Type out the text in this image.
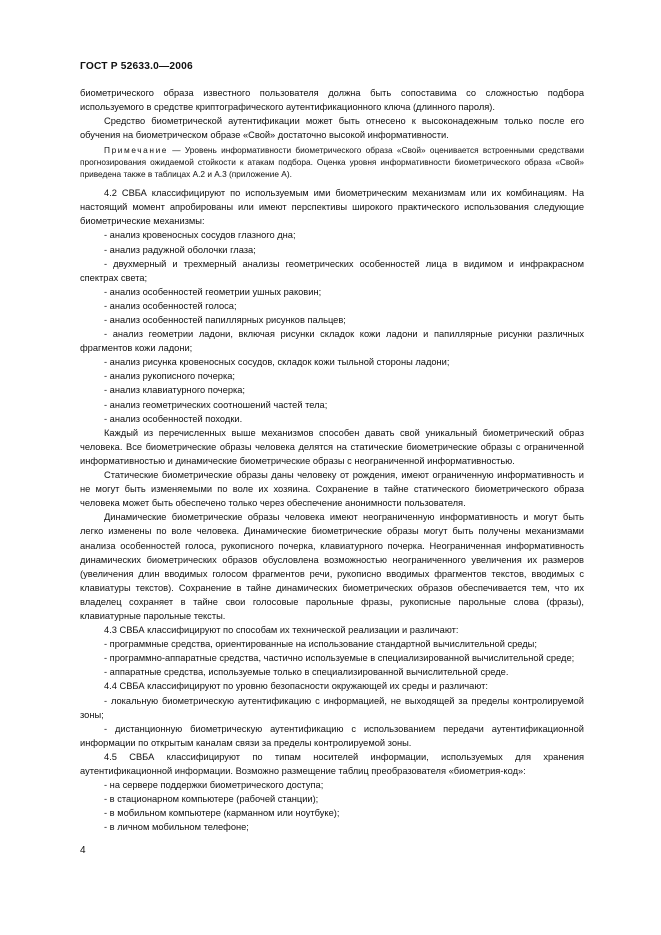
ГОСТ Р 52633.0—2006

биометрического образа известного пользователя должна быть сопоставима со сложностью подбора используемого в средстве криптографического аутентификационного ключа (длинного пароля).

Средство биометрической аутентификации может быть отнесено к высоконадежным только после его обучения на биометрическом образе «Свой» достаточно высокой информативности.

Примечание — Уровень информативности биометрического образа «Свой» оценивается встроенными средствами прогнозирования ожидаемой стойкости к атакам подбора. Оценка уровня информативности биометрического образа «Свой» приведена также в таблицах А.2 и А.3 (приложение А).

4.2 СВБА классифицируют по используемым ими биометрическим механизмам или их комбинациям. На настоящий момент апробированы или имеют перспективы широкого практического использования следующие биометрические механизмы:

- анализ кровеносных сосудов глазного дна;

- анализ радужной оболочки глаза;

- двухмерный и трехмерный анализы геометрических особенностей лица в видимом и инфракрасном спектрах света;

- анализ особенностей геометрии ушных раковин;

- анализ особенностей голоса;

- анализ особенностей папиллярных рисунков пальцев;

- анализ геометрии ладони, включая рисунки складок кожи ладони и папиллярные рисунки различных фрагментов кожи ладони;

- анализ рисунка кровеносных сосудов, складок кожи тыльной стороны ладони;

- анализ рукописного почерка;

- анализ клавиатурного почерка;

- анализ геометрических соотношений частей тела;

- анализ особенностей походки.

Каждый из перечисленных выше механизмов способен давать свой уникальный биометрический образ человека. Все биометрические образы человека делятся на статические биометрические образы с ограниченной информативностью и динамические биометрические образы с неограниченной информативностью.

Статические биометрические образы даны человеку от рождения, имеют ограниченную информативность и не могут быть изменяемыми по воле их хозяина. Сохранение в тайне статического биометрического образа человека может быть обеспечено только через обеспечение анонимности пользователя.

Динамические биометрические образы человека имеют неограниченную информативность и могут быть легко изменены по воле человека. Динамические биометрические образы могут быть получены механизмами анализа особенностей голоса, рукописного почерка, клавиатурного почерка. Неограниченная информативность динамических биометрических образов обусловлена возможностью неограниченного увеличения их размеров (увеличения длин вводимых голосом фрагментов речи, рукописно вводимых фрагментов текстов, вводимых с клавиатуры текстов). Сохранение в тайне динамических биометрических образов обеспечивается тем, что их владелец сохраняет в тайне свои голосовые парольные фразы, рукописные парольные слова (фразы), клавиатурные парольные тексты.

4.3 СВБА классифицируют по способам их технической реализации и различают:

- программные средства, ориентированные на использование стандартной вычислительной среды;

- программно-аппаратные средства, частично используемые в специализированной вычислительной среде;

- аппаратные средства, используемые только в специализированной вычислительной среде.

4.4 СВБА классифицируют по уровню безопасности окружающей их среды и различают:

- локальную биометрическую аутентификацию с информацией, не выходящей за пределы контролируемой зоны;

- дистанционную биометрическую аутентификацию с использованием передачи аутентификационной информации по открытым каналам связи за пределы контролируемой зоны.

4.5 СВБА классифицируют по типам носителей информации, используемых для хранения аутентификационной информации. Возможно размещение таблиц преобразователя «биометрия-код»:

- на сервере поддержки биометрического доступа;

- в стационарном компьютере (рабочей станции);

- в мобильном компьютере (карманном или ноутбуке);

- в личном мобильном телефоне;

4
